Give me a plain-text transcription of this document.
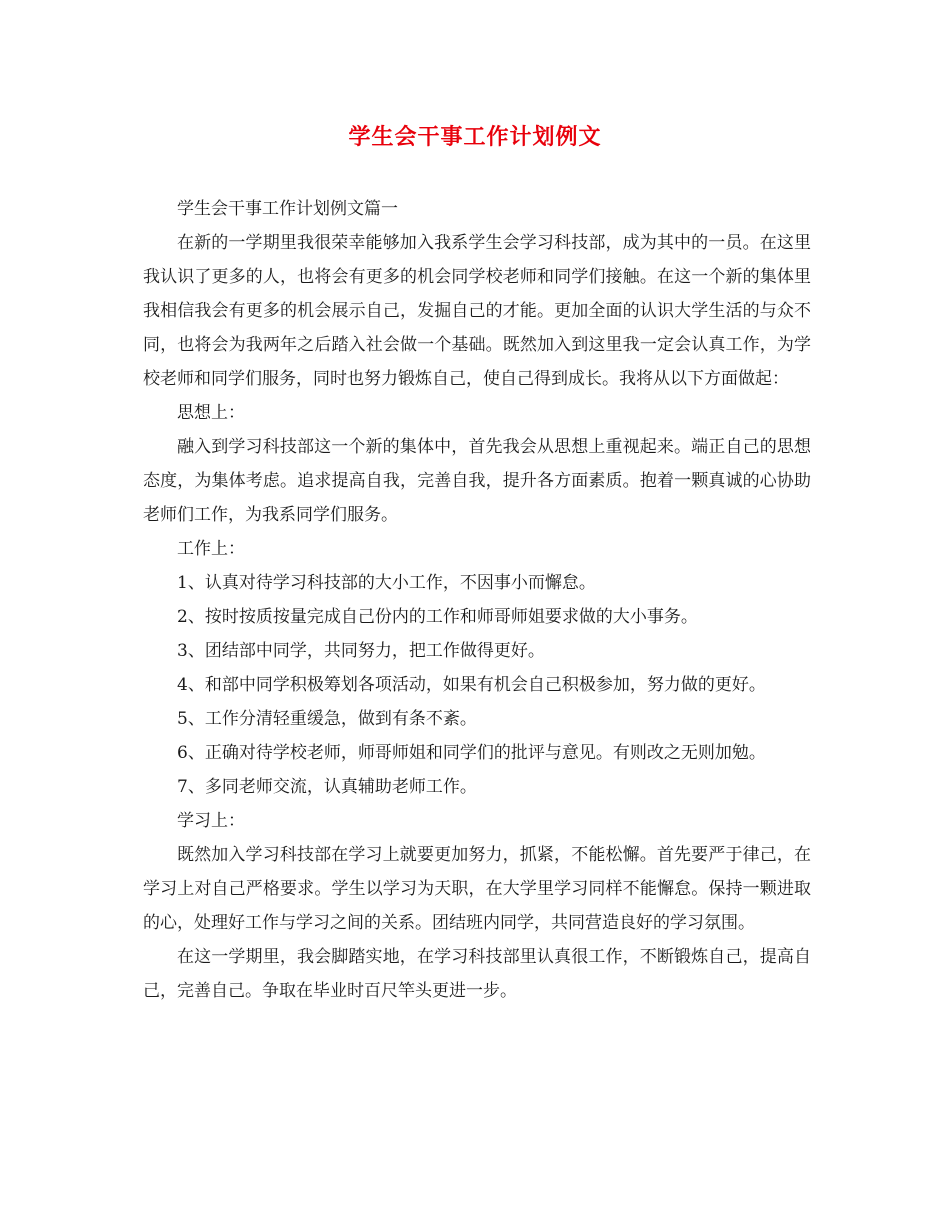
学生会干事工作计划例文

学生会干事工作计划例文篇一

在新的一学期里我很荣幸能够加入我系学生会学习科技部，成为其中的一员。在这里我认识了更多的人，也将会有更多的机会同学校老师和同学们接触。在这一个新的集体里我相信我会有更多的机会展示自己，发掘自己的才能。更加全面的认识大学生活的与众不同，也将会为我两年之后踏入社会做一个基础。既然加入到这里我一定会认真工作，为学校老师和同学们服务，同时也努力锻炼自己，使自己得到成长。我将从以下方面做起：

思想上：

融入到学习科技部这一个新的集体中，首先我会从思想上重视起来。端正自己的思想态度，为集体考虑。追求提高自我，完善自我，提升各方面素质。抱着一颗真诚的心协助老师们工作，为我系同学们服务。

工作上：

1、认真对待学习科技部的大小工作，不因事小而懈怠。

2、按时按质按量完成自己份内的工作和师哥师姐要求做的大小事务。

3、团结部中同学，共同努力，把工作做得更好。

4、和部中同学积极筹划各项活动，如果有机会自己积极参加，努力做的更好。

5、工作分清轻重缓急，做到有条不紊。

6、正确对待学校老师，师哥师姐和同学们的批评与意见。有则改之无则加勉。

7、多同老师交流，认真辅助老师工作。

学习上：

既然加入学习科技部在学习上就要更加努力，抓紧，不能松懈。首先要严于律己，在学习上对自己严格要求。学生以学习为天职，在大学里学习同样不能懈怠。保持一颗进取的心，处理好工作与学习之间的关系。团结班内同学，共同营造良好的学习氛围。

在这一学期里，我会脚踏实地，在学习科技部里认真很工作，不断锻炼自己，提高自己，完善自己。争取在毕业时百尺竿头更进一步。
